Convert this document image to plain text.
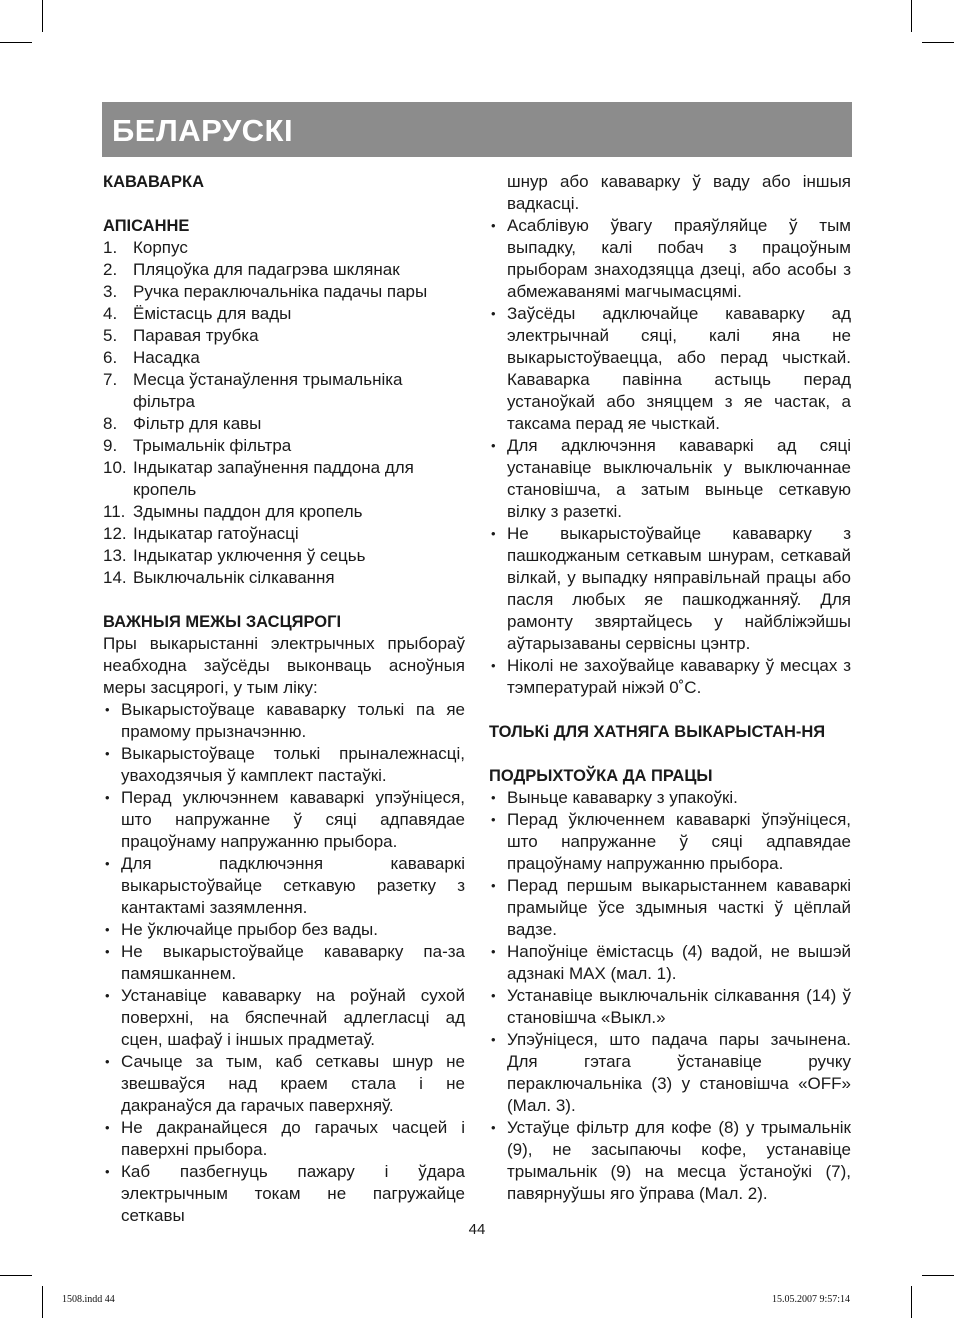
БЕЛАРУСКІ

КАВАВАРКА

АПІСАННЕ

1. Корпус
2. Пляцоўка для падагрэва шклянак
3. Ручка пераключальніка падачы пары
4. Ёмістасць для вады
5. Паравая трубка
6. Насадка
7. Месца ўстанаўлення трымальніка фільтра
8. Фільтр для кавы
9. Трымальнік фільтра
10. Індыкатар запаўнення паддона для кропель
11. Здымны паддон для кропель
12. Індыкатар гатоўнасці
13. Індыкатар уключення ў сецьь
14. Выключальнік сілкавання

ВАЖНЫЯ МЕЖЫ ЗАСЦЯРОГІ

Пры выкарыстанні электрычных прыбораў неабходна заўсёды выконваць асноўныя меры засцярогі, у тым ліку:

• Выкарыстоўваце кававарку толькі па яе прамому прызначэнню.
• Выкарыстоўваце толькі прыналежнасці, уваходзячыя ў камплект пастаўкі.
• Перад уключэннем кававаркі упэўніцеся, што напружанне ў сяці адпавядае працоўнаму напружанню прыбора.
• Для падключэння кававаркі выкарыстоўвайце сеткавую разетку з кантактамі зазямлення.
• Не ўключайце прыбор без вады.
• Не выкарыстоўвайце кававарку па-за памяшканнем.
• Устанавіце кававарку на роўнай сухой поверхні, на бяспечнай адлегласці ад сцен, шафаў і іншых прадметаў.
• Сачыце за тым, каб сеткавы шнур не звешваўся над краем стала і не дакранаўся да гарачых паверхняў.
• Не дакранайцеся до гарачых часцей і паверхні прыбора.
• Каб пазбегнуць пажару і ўдара электрычным токам не пагружайце сеткавы

шнур або кававарку ў ваду або іншыя вадкасці.

• Асаблівую ўвагу праяўляйце ў тым выпадку, калі побач з працоўным прыборам знаходзяцца дзеці, або асобы з абмежаванямі магчымасцямі.
• Заўсёды адключайце кававарку ад электрычнай сяці, калі яна не выкарыстоўваецца, або перад чысткай. Кававарка павінна астыць перад устаноўкай або зняццем з яе частак, а таксама перад яе чысткай.
• Для адключэння кававаркі ад сяці устанавіце выключальнік у выключаннае становішча, а затым выньце сеткавую вілку з разеткі.
• Не выкарыстоўвайце кававарку з пашкоджаным сеткавым шнурам, сеткавай вілкай, у выпадку няправільнай працы або пасля любых яе пашкоджанняў. Для рамонту звяртайцесь у найбліжэйшы аўтарызаваны сервісны цэнтр.
• Ніколі не захоўвайце кававарку ў месцах з тэмпературай ніжэй 0˚С.

ТОЛЬКі ДЛЯ ХАТНЯГА ВЫКАРЫСТАН-НЯ

ПОДРЫХТОЎКА ДА ПРАЦЫ

• Выньце кававарку з упакоўкі.
• Перад ўключеннем кававаркі ўпэўніцеся, што напружанне ў сяці адпавядае працоўнаму напружанню прыбора.
• Перад першым выкарыстаннем кававаркі прамыйце ўсе здымныя часткі ў цёплай вадзе.
• Напоўніце ёмістасць (4) вадой, не вышэй адзнакі MAX (мал. 1).
• Устанавіце выключальнік сілкавання (14) ў становішча «Выкл.»
• Упэўніцеся, што падача пары зачынена. Для гэтага ўстанавіце ручку пераключальніка (3) у становішча «OFF» (Мал. 3).
• Устаўце фільтр для кофе (8) у трымальнік (9), не засыпаючы кофе, устанавіце трымальнік (9) на месца ўстаноўкі (7), павярнуўшы яго ўправа (Мал. 2).
44
1508.indd 44	15.05.2007 9:57:14
